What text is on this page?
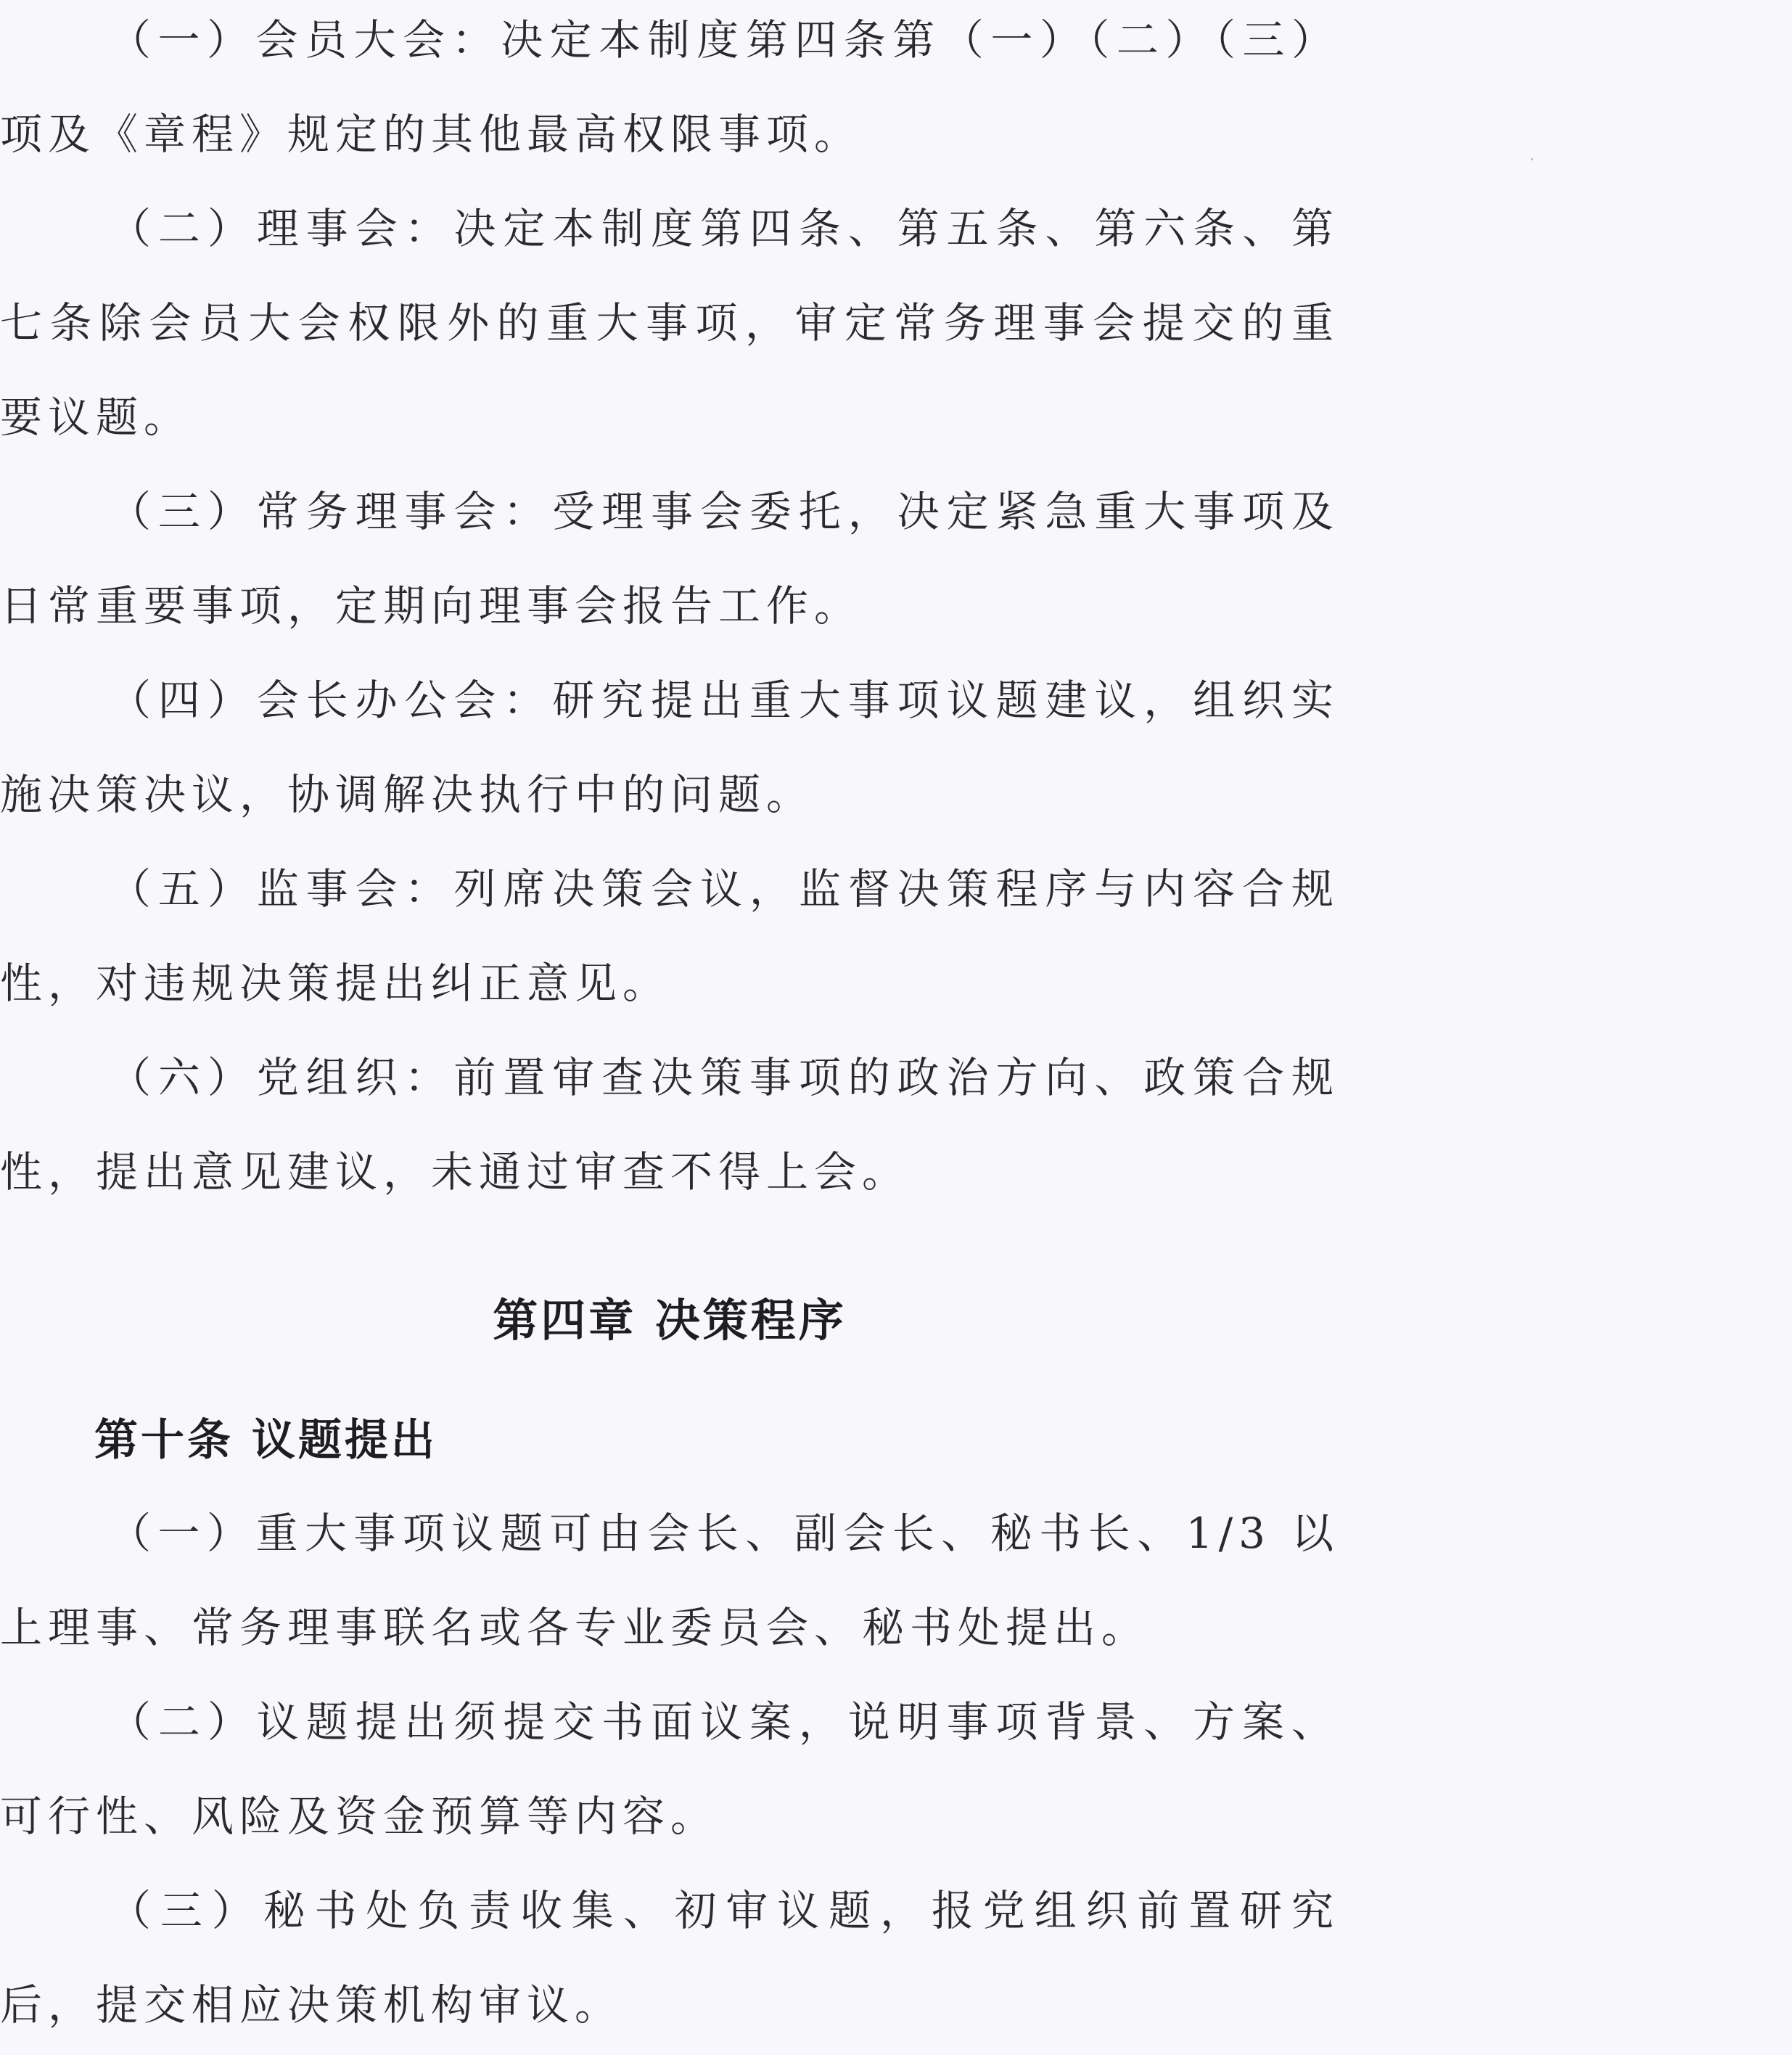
（一）会员大会：决定本制度第四条第（一）（二）（三）项及《章程》规定的其他最高权限事项。

（二）理事会：决定本制度第四条、第五条、第六条、第七条除会员大会权限外的重大事项，审定常务理事会提交的重要议题。

（三）常务理事会：受理事会委托，决定紧急重大事项及日常重要事项，定期向理事会报告工作。

（四）会长办公会：研究提出重大事项议题建议，组织实施决策决议，协调解决执行中的问题。

（五）监事会：列席决策会议，监督决策程序与内容合规性，对违规决策提出纠正意见。

（六）党组织：前置审查决策事项的政治方向、政策合规性，提出意见建议，未通过审查不得上会。

第四章 决策程序
第十条 议题提出

（一）重大事项议题可由会长、副会长、秘书长、1/3 以上理事、常务理事联名或各专业委员会、秘书处提出。

（二）议题提出须提交书面议案，说明事项背景、方案、可行性、风险及资金预算等内容。

（三）秘书处负责收集、初审议题，报党组织前置研究后，提交相应决策机构审议。
